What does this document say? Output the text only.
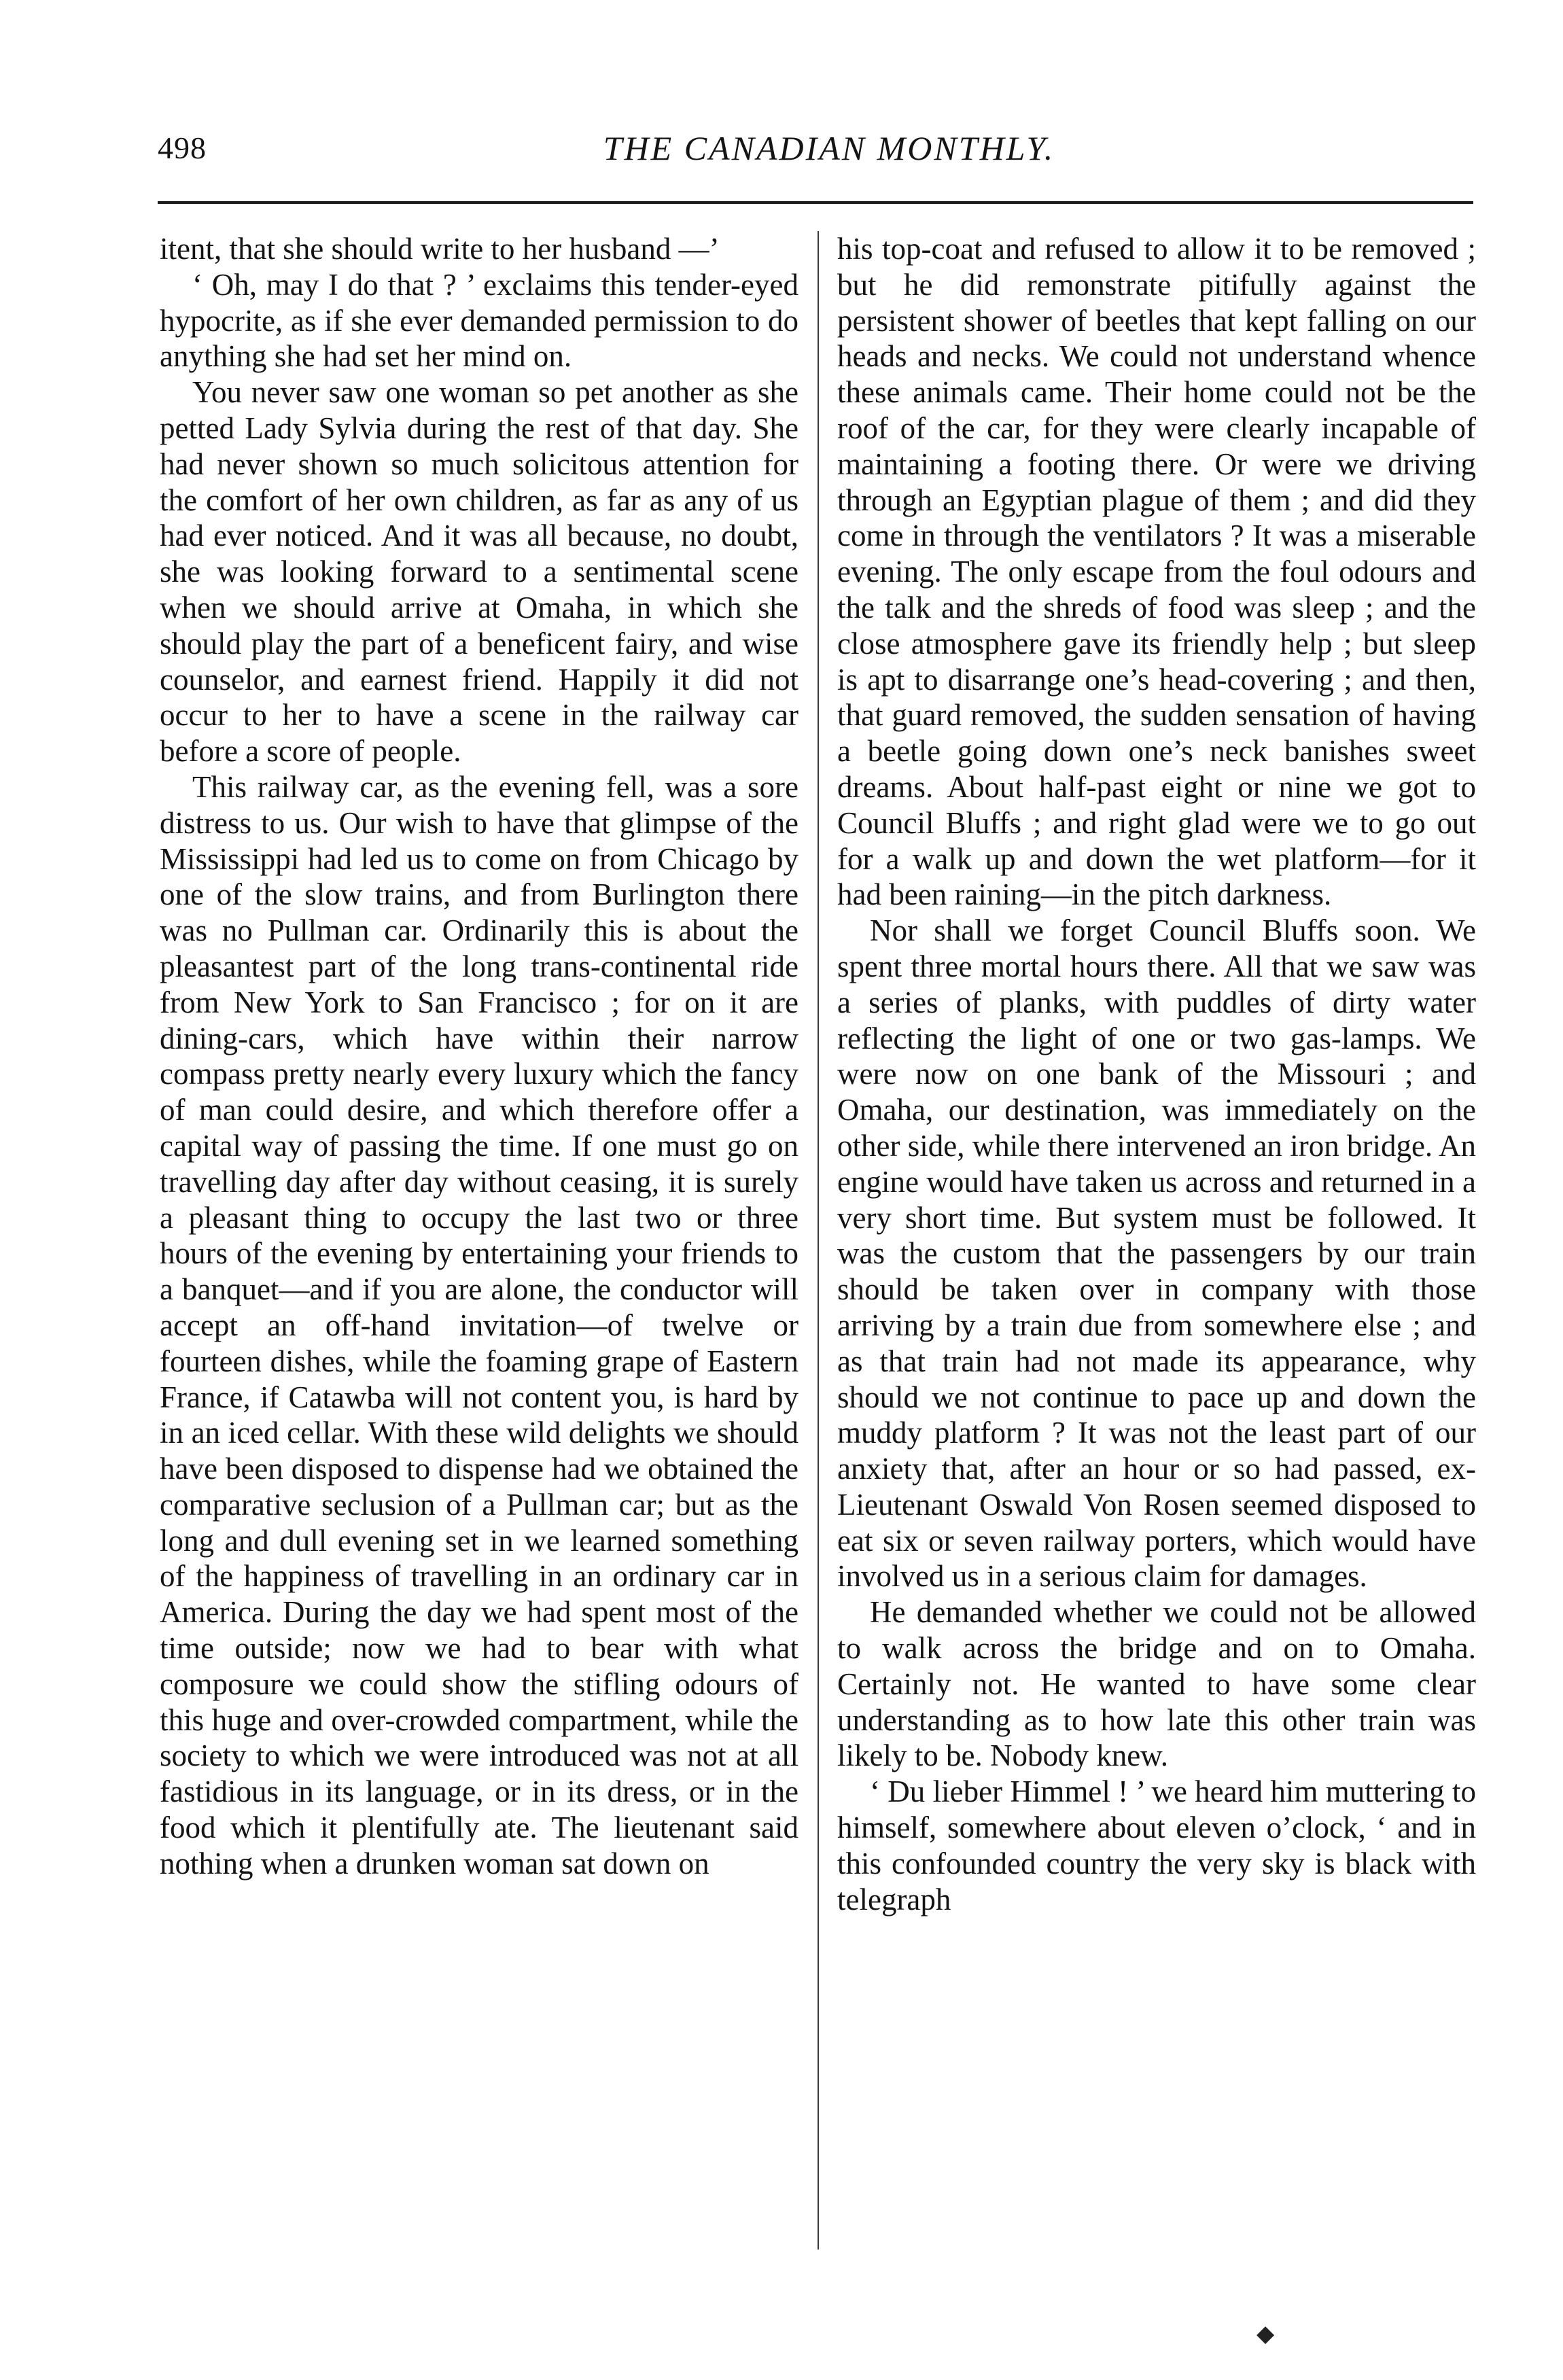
498	THE CANADIAN MONTHLY.

itent, that she should write to her husband —’

‘ Oh, may I do that ? ’ exclaims this tender-eyed hypocrite, as if she ever demanded permission to do anything she had set her mind on.

You never saw one woman so pet another as she petted Lady Sylvia during the rest of that day. She had never shown so much solicitous attention for the comfort of her own children, as far as any of us had ever noticed. And it was all because, no doubt, she was looking forward to a sentimental scene when we should arrive at Omaha, in which she should play the part of a beneficent fairy, and wise counselor, and earnest friend. Happily it did not occur to her to have a scene in the railway car before a score of people.

This railway car, as the evening fell, was a sore distress to us. Our wish to have that glimpse of the Mississippi had led us to come on from Chicago by one of the slow trains, and from Burlington there was no Pullman car. Ordinarily this is about the pleasantest part of the long trans-continental ride from New York to San Francisco ; for on it are dining-cars, which have within their narrow compass pretty nearly every luxury which the fancy of man could desire, and which therefore offer a capital way of passing the time. If one must go on travelling day after day without ceasing, it is surely a pleasant thing to occupy the last two or three hours of the evening by entertaining your friends to a banquet—and if you are alone, the conductor will accept an off-hand invitation—of twelve or fourteen dishes, while the foaming grape of Eastern France, if Catawba will not content you, is hard by in an iced cellar. With these wild delights we should have been disposed to dispense had we obtained the comparative seclusion of a Pullman car; but as the long and dull evening set in we learned something of the happiness of travelling in an ordinary car in America. During the day we had spent most of the time outside; now we had to bear with what composure we could show the stifling odours of this huge and over-crowded compartment, while the society to which we were introduced was not at all fastidious in its language, or in its dress, or in the food which it plentifully ate. The lieutenant said nothing when a drunken woman sat down on

his top-coat and refused to allow it to be removed ; but he did remonstrate pitifully against the persistent shower of beetles that kept falling on our heads and necks. We could not understand whence these animals came. Their home could not be the roof of the car, for they were clearly incapable of maintaining a footing there. Or were we driving through an Egyptian plague of them ; and did they come in through the ventilators ? It was a miserable evening. The only escape from the foul odours and the talk and the shreds of food was sleep ; and the close atmosphere gave its friendly help ; but sleep is apt to disarrange one’s head-covering ; and then, that guard removed, the sudden sensation of having a beetle going down one’s neck banishes sweet dreams. About half-past eight or nine we got to Council Bluffs ; and right glad were we to go out for a walk up and down the wet platform—for it had been raining—in the pitch darkness.

Nor shall we forget Council Bluffs soon. We spent three mortal hours there. All that we saw was a series of planks, with puddles of dirty water reflecting the light of one or two gas-lamps. We were now on one bank of the Missouri ; and Omaha, our destination, was immediately on the other side, while there intervened an iron bridge. An engine would have taken us across and returned in a very short time. But system must be followed. It was the custom that the passengers by our train should be taken over in company with those arriving by a train due from somewhere else ; and as that train had not made its appearance, why should we not continue to pace up and down the muddy platform ? It was not the least part of our anxiety that, after an hour or so had passed, ex-Lieutenant Oswald Von Rosen seemed disposed to eat six or seven railway porters, which would have involved us in a serious claim for damages.

He demanded whether we could not be allowed to walk across the bridge and on to Omaha. Certainly not. He wanted to have some clear understanding as to how late this other train was likely to be. Nobody knew.

‘ Du lieber Himmel ! ’ we heard him muttering to himself, somewhere about eleven o’clock, ‘ and in this confounded country the very sky is black with telegraph

◆
